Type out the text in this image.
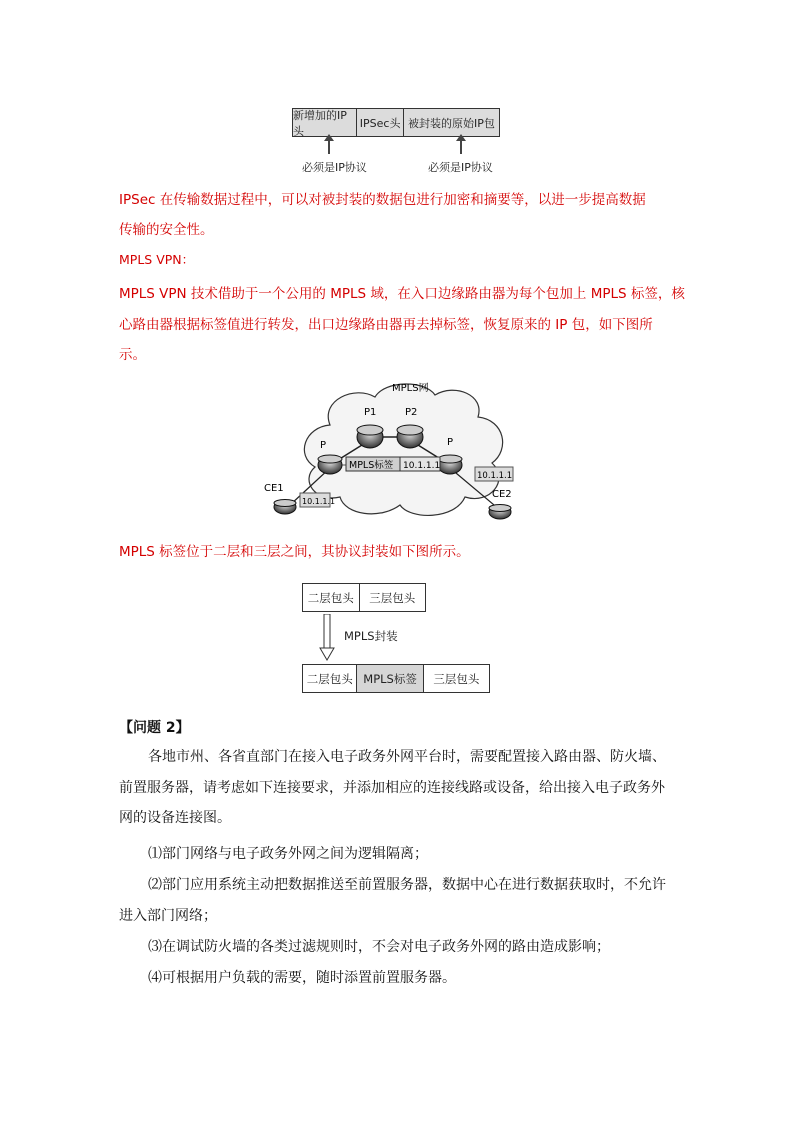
新增加的IP头
IPSec头 被封装的原始IP包
必须是IP协议	必须是IP协议
IPSec 在传输数据过程中，可以对被封装的数据包进行加密和摘要等，以进一步提高数据
传输的安全性。
MPLS VPN：
MPLS VPN 技术借助于一个公用的 MPLS 域，在入口边缘路由器为每个包加上 MPLS 标签，核
心路由器根据标签值进行转发，出口边缘路由器再去掉标签，恢复原来的 IP 包，如下图所
示。
MPLS网
P1	P2
P	P
CE1
CE2
MPLS标签 10.1.1.1
10.1.1.1
10.1.1.1
MPLS 标签位于二层和三层之间，其协议封装如下图所示。
二层包头	三层包头
MPLS封装
二层包头 MPLS标签	三层包头
【问题 2】
各地市州、各省直部门在接入电子政务外网平台时，需要配置接入路由器、防火墙、
前置服务器，请考虑如下连接要求，并添加相应的连接线路或设备，给出接入电子政务外
网的设备连接图。
⑴部门网络与电子政务外网之间为逻辑隔离；
⑵部门应用系统主动把数据推送至前置服务器，数据中心在进行数据获取时，不允许
进入部门网络；
⑶在调试防火墙的各类过滤规则时，不会对电子政务外网的路由造成影响；
⑷可根据用户负载的需要，随时添置前置服务器。
